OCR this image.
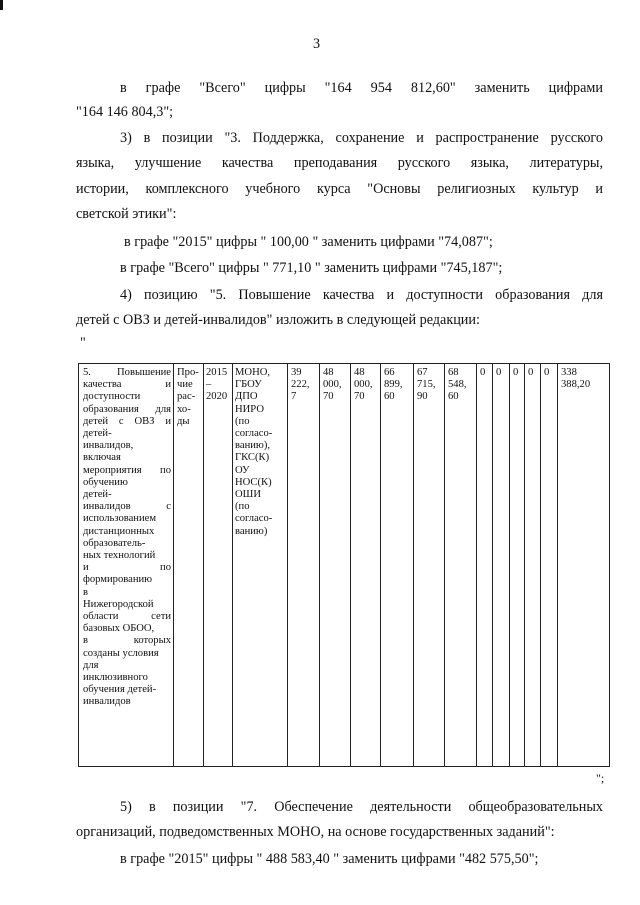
3
в графе "Всего" цифры "164 954 812,60" заменить цифрами
"164 146 804,3";
3) в позиции "3. Поддержка, сохранение и распространение русского
языка, улучшение качества преподавания русского языка, литературы,
истории, комплексного учебного курса "Основы религиозных культур и
светской этики":
в графе "2015" цифры " 100,00 " заменить цифрами "74,087";
в графе "Всего" цифры " 771,10 " заменить цифрами "745,187";
4) позицию "5. Повышение качества и доступности образования для
детей с ОВЗ и детей-инвалидов" изложить в следующей редакции:
"
5. Повышение
качества и
доступности
образования для
детей с ОВЗ и
детей-
инвалидов,
включая
мероприятия по
обучению
детей-
инвалидов с
использованием
дистанционных
образователь-
ных технологий
и по
формированию
в
Нижегородской
области сети
базовых ОБОО,
в которых
созданы условия
для
инклюзивного
обучения детей-
инвалидов
Про-
чие
рас-
хо-
ды
2015
–
2020
МОНО,
ГБОУ
ДПО
НИРО
(по
согласо-
ванию),
ГКС(К)
ОУ
НОС(К)
ОШИ
(по
согласо-
ванию)
39
222,
7
48
000,
70
48
000,
70
66
899,
60
67
715,
90
68
548,
60
0 0 0 0 0 338
388,20
";
5) в позиции "7. Обеспечение деятельности общеобразовательных
организаций, подведомственных МОНО, на основе государственных заданий":
в графе "2015" цифры " 488 583,40 " заменить цифрами "482 575,50";
